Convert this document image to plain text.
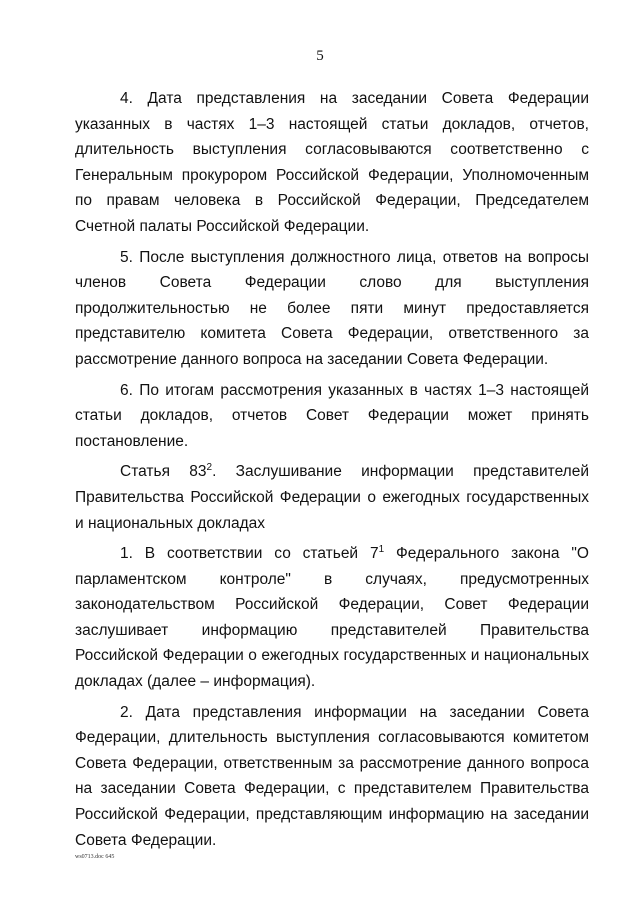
5

4. Дата представления на заседании Совета Федерации указанных в частях 1–3 настоящей статьи докладов, отчетов, длительность выступления согласовываются соответственно с Генеральным прокурором Российской Федерации, Уполномоченным по правам человека в Российской Федерации, Председателем Счетной палаты Российской Федерации.

5. После выступления должностного лица, ответов на вопросы членов Совета Федерации слово для выступления продолжительностью не более пяти минут предоставляется представителю комитета Совета Федерации, ответственного за рассмотрение данного вопроса на заседании Совета Федерации.

6. По итогам рассмотрения указанных в частях 1–3 настоящей статьи докладов, отчетов Совет Федерации может принять постановление.

Статья $83^2$. Заслушивание информации представителей Правительства Российской Федерации о ежегодных государственных и национальных докладах

1. В соответствии со статьей $7^1$ Федерального закона "О парламентском контроле" в случаях, предусмотренных законодательством Российской Федерации, Совет Федерации заслушивает информацию представителей Правительства Российской Федерации о ежегодных государственных и национальных докладах (далее – информация).

2. Дата представления информации на заседании Совета Федерации, длительность выступления согласовываются комитетом Совета Федерации, ответственным за рассмотрение данного вопроса на заседании Совета Федерации, с представителем Правительства Российской Федерации, представляющим информацию на заседании Совета Федерации.

ws0713.doc 645
